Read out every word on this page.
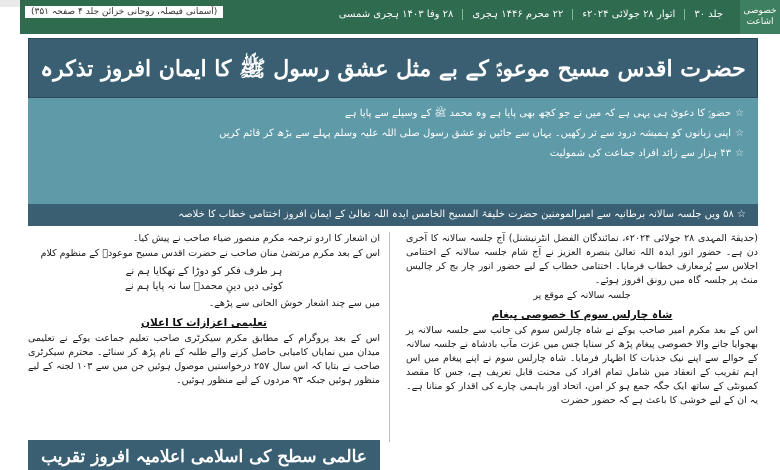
(آسمانی فیصلہ، روحانی خزائن جلد ۴ صفحہ ۳۵۱)	خصوصی اشاعت
جلد ۳۰
اتوار ۲۸ جولائی ۲۰۲۴ء
۲۲ محرم ۱۴۴۶ ہجری
۲۸ وفا ۱۴۰۳ ہجری شمسی
حضرت اقدس مسیح موعودؑ کے بے مثل عشق رسول ﷺ کا ایمان افروز تذکرہ
☆حضورؑ کا دعویٰ ہی یہی ہے کہ میں نے جو کچھ بھی پایا ہے وہ محمد ﷺ کے وسیلے سے پایا ہے
☆اپنی زبانوں کو ہمیشہ درود سے تر رکھیں۔ یہاں سے جائیں تو عشق رسول صلی اللہ علیہ وسلم پہلے سے بڑھ کر قائم کریں
☆۴۳ ہزار سے زائد افراد جماعت کی شمولیت
☆ ۵۸ ویں جلسہ سالانہ برطانیہ سے امیرالمومنین حضرت خلیفۃ المسیح الخامس ایدہ اللہ تعالیٰ کے ایمان افروز اختتامی خطاب کا خلاصہ

(حدیقۃ المہدی ۲۸ جولائی ۲۰۲۴ء، نمائندگان الفضل انٹرنیشنل) آج جلسہ سالانہ کا آخری دن ہے۔ حضور انور ایدہ اللہ تعالیٰ بنصرہ العزیز نے آج شام جلسہ سالانہ کے اختتامی اجلاس سے پُرمعارف خطاب فرمایا۔ اختتامی خطاب کے لیے حضور انور چار بج کر چالیس منٹ پر جلسہ گاہ میں رونق افروز ہوئے۔

جلسہ سالانہ کے موقع پر

شاہ چارلس سوم کا خصوصی پیغام

اس کے بعد مکرم امیر صاحب یوکے نے شاہ چارلس سوم کی جانب سے جلسہ سالانہ پر بھجوایا جانے والا خصوصی پیغام پڑھ کر سنایا جس میں عزت مآب بادشاہ نے جلسہ سالانہ کے حوالے سے اپنے نیک جذبات کا اظہار فرمایا۔ شاہ چارلس سوم نے اپنے پیغام میں اس اہم تقریب کے انعقاد میں شامل تمام افراد کی محنت قابل تعریف ہے، جس کا مقصد کمیونٹی کے ساتھ ایک جگہ جمع ہو کر امن، اتحاد اور باہمی چارے کی اقدار کو منانا ہے۔ یہ ان کے لیے خوشی کا باعث ہے کہ حضور حضرت

ان اشعار کا اردو ترجمہ مکرم منصور ضیاء صاحب نے پیش کیا۔

اس کے بعد مکرم مرتضیٰ منان صاحب نے حضرت اقدس مسیح موعودؑ کے منظوم کلام

ہر طرف فکر کو دوڑا کے تھکایا ہم نے
کوئی دیں دینِ محمدؐ سا نہ پایا ہم نے

میں سے چند اشعار خوش الحانی سے پڑھے۔

تعلیمی اعزازات کا اعلان

اس کے بعد پروگرام کے مطابق مکرم سیکرٹری صاحب تعلیم جماعت یوکے نے تعلیمی میدان میں نمایاں کامیابی حاصل کرنے والے طلبہ کے نام پڑھ کر سنائے۔ محترم سیکرٹری صاحب نے بتایا کہ اس سال ۲۵۷ درخواستیں موصول ہوئیں جن میں سے ۱۰۳ لجنہ کے لیے منظور ہوئیں جبکہ ۹۳ مردوں کے لیے منظور ہوئیں۔

عالمی سطح کی اسلامی اعلامیہ افروز تقریب
